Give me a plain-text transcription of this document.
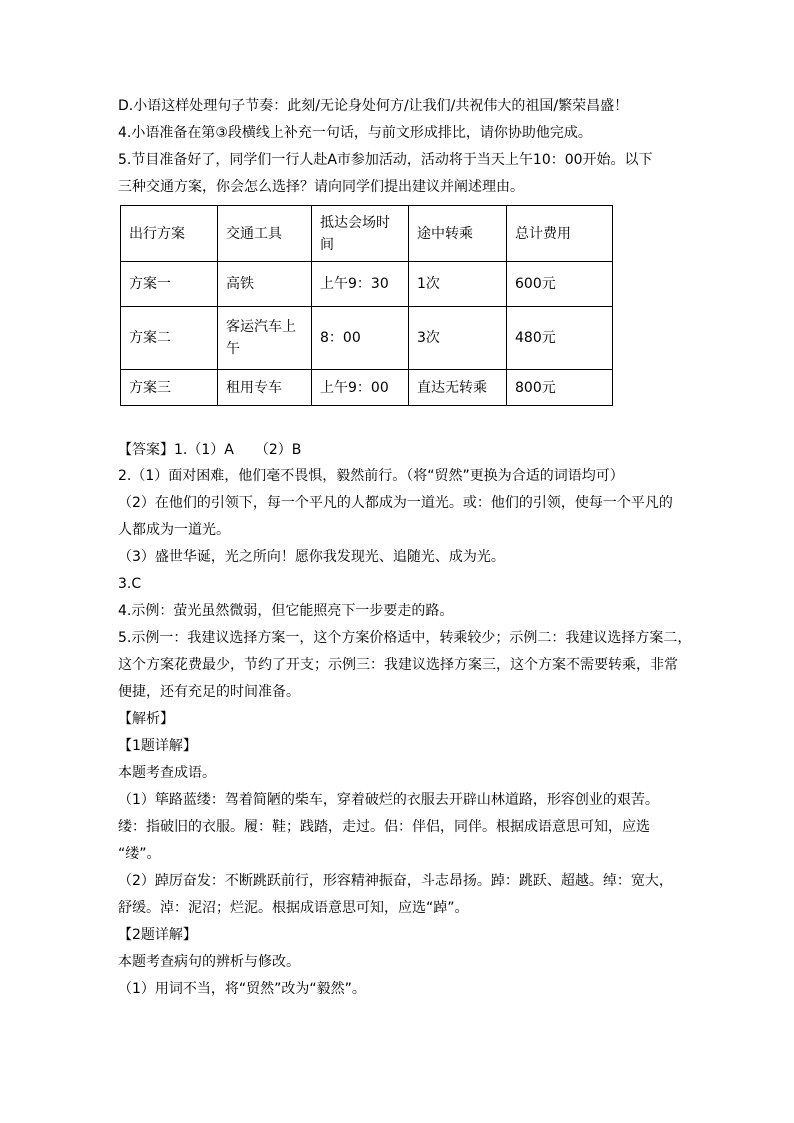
D.小语这样处理句子节奏：此刻/无论身处何方/让我们/共祝伟大的祖国/繁荣昌盛！
4.小语准备在第③段横线上补充一句话，与前文形成排比，请你协助他完成。
5.节目准备好了，同学们一行人赴A市参加活动，活动将于当天上午10：00开始。以下
三种交通方案，你会怎么选择？请向同学们提出建议并阐述理由。
出行方案	交通工具	抵达会场时间	途中转乘	总计费用
方案一	高铁	上午9：30	1次	600元
方案二	客运汽车上午	8：00	3次	480元
方案三	租用专车	上午9：00	直达无转乘	800元
【答案】1.（1）A　　（2）B
2.（1）面对困难，他们毫不畏惧，毅然前行。（将“贸然”更换为合适的词语均可）
（2）在他们的引领下，每一个平凡的人都成为一道光。或：他们的引领，使每一个平凡的
人都成为一道光。
（3）盛世华诞，光之所向！愿你我发现光、追随光、成为光。
3.C
4.示例：萤光虽然微弱，但它能照亮下一步要走的路。
5.示例一：我建议选择方案一，这个方案价格适中，转乘较少；示例二：我建议选择方案二，
这个方案花费最少，节约了开支；示例三：我建议选择方案三，这个方案不需要转乘，非常
便捷，还有充足的时间准备。
【解析】
【1题详解】
本题考查成语。
（1）筚路蓝缕：驾着简陋的柴车，穿着破烂的衣服去开辟山林道路，形容创业的艰苦。
缕：指破旧的衣服。履：鞋；践踏，走过。侣：伴侣，同伴。根据成语意思可知，应选
“缕”。
（2）踔厉奋发：不断跳跃前行，形容精神振奋，斗志昂扬。踔：跳跃、超越。绰：宽大，
舒缓。淖：泥沼；烂泥。根据成语意思可知，应选“踔”。
【2题详解】
本题考查病句的辨析与修改。
（1）用词不当，将“贸然”改为“毅然”。
